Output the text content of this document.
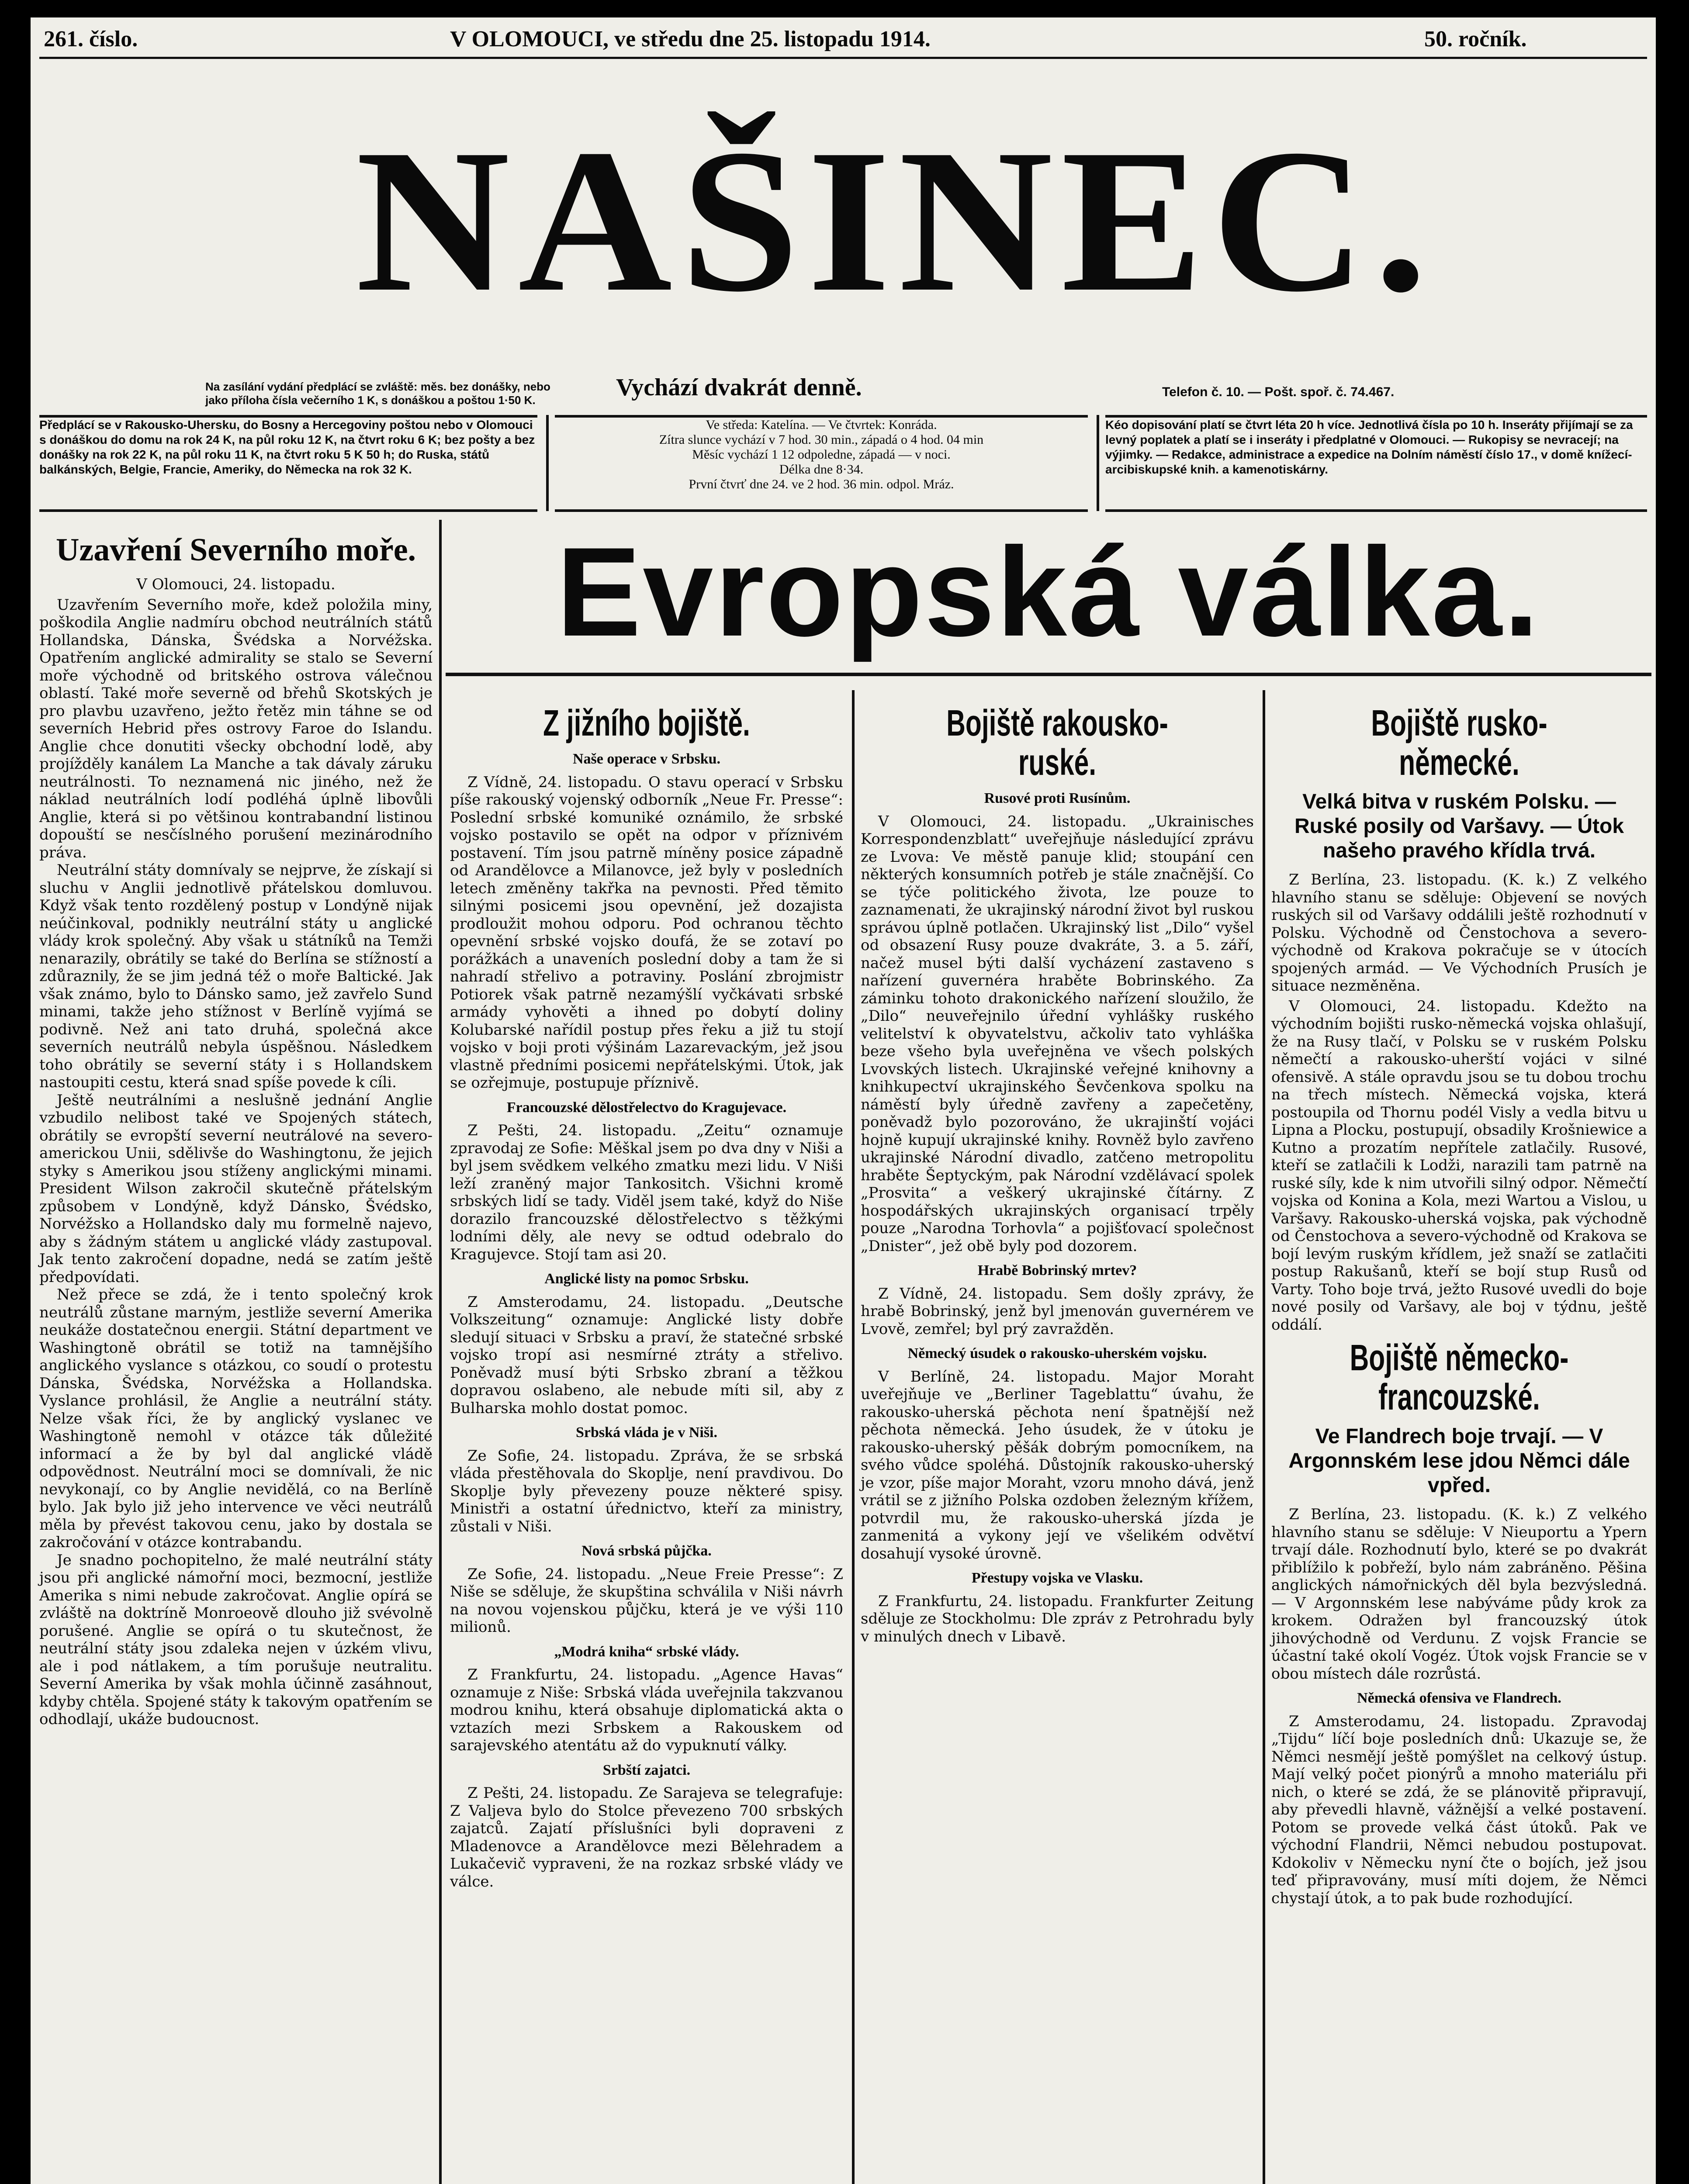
261. číslo.	V OLOMOUCI, ve středu dne 25. listopadu 1914.	50. ročník.
NAŠINEC.
Na zasílání vydání předplácí se zvláště: měs. bez donášky, nebo jako příloha čísla večerního 1 K, s donáškou a poštou 1·50 K.	Vychází dvakrát denně.	Telefon č. 10. — Pošt. spoř. č. 74.467.
Předplácí se v Rakousko-Uhersku, do Bosny a Hercegoviny poštou nebo v Olomouci s donáškou do domu na rok 24 K, na půl roku 12 K, na čtvrt roku 6 K; bez pošty a bez donášky na rok 22 K, na půl roku 11 K, na čtvrt roku 5 K 50 h; do Ruska, států balkánských, Belgie, Francie, Ameriky, do Německa na rok 32 K.
Ve středa: Katelína. — Ve čtvrtek: Konráda.
Zítra slunce vychází v 7 hod. 30 min., západá o 4 hod. 04 min
Měsíc vychází 1 12 odpoledne, západá — v noci.
Délka dne 8·34.
První čtvrť dne 24. ve 2 hod. 36 min. odpol. Mráz.
Kéo dopisování platí se čtvrt léta 20 h více. Jednotlivá čísla po 10 h. Inseráty přijímají se za levný poplatek a platí se i inseráty i předplatné v Olomouci. — Rukopisy se nevracejí; na výjimky. — Redakce, administrace a expedice na Dolním náměstí číslo 17., v domě knížecí-arcibiskupské knih. a kamenotiskárny.
Uzavření Severního moře.
V Olomouci, 24. listopadu.

Uzavřením Severního moře, kdež položila miny, poškodila Anglie nadmíru obchod neutrálních států Hollandska, Dánska, Švédska a Norvéžska. Opatřením anglické admirality se stalo se Severní moře východně od britského ostrova válečnou oblastí. Také moře severně od břehů Skotských je pro plavbu uzavřeno, ježto řetěz min táhne se od severních Hebrid přes ostrovy Faroe do Islandu. Anglie chce donutiti všecky obchodní lodě, aby projížděly kanálem La Manche a tak dávaly záruku neutrálnosti. To neznamená nic jiného, než že náklad neutrálních lodí podléhá úplně libovůli Anglie, která si po většinou kontrabandní listinou dopouští se nesčíslného porušení mezinárodního práva.

Neutrální státy domnívaly se nejprve, že získají si sluchu v Anglii jednotlivě přátelskou domluvou. Když však tento rozdělený postup v Londýně nijak neúčinkoval, podnikly neutrální státy u anglické vlády krok společný. Aby však u státníků na Temži nenarazily, obrátily se také do Berlína se stížností a zdůraznily, že se jim jedná též o moře Baltické. Jak však známo, bylo to Dánsko samo, jež zavřelo Sund minami, takže jeho stížnost v Berlíně vyjímá se podivně. Než ani tato druhá, společná akce severních neutrálů nebyla úspěšnou. Následkem toho obrátily se severní státy i s Hollandskem nastoupiti cestu, která snad spíše povede k cíli.

Ještě neutrálními a neslušně jednání Anglie vzbudilo nelibost také ve Spojených státech, obrátily se evropští severní neutrálové na severo-americkou Unii, sdělivše do Washingtonu, že jejich styky s Amerikou jsou stíženy anglickými minami. President Wilson zakročil skutečně přátelským způsobem v Londýně, když Dánsko, Švédsko, Norvéžsko a Hollandsko daly mu formelně najevo, aby s žádným státem u anglické vlády zastupoval. Jak tento zakročení dopadne, nedá se zatím ještě předpovídati.

Než přece se zdá, že i tento společný krok neutrálů zůstane marným, jestliže severní Amerika neukáže dostatečnou energii. Státní department ve Washingtoně obrátil se totiž na tamnějšího anglického vyslance s otázkou, co soudí o protestu Dánska, Švédska, Norvéžska a Hollandska. Vyslance prohlásil, že Anglie a neutrální státy. Nelze však říci, že by anglický vyslanec ve Washingtoně nemohl v otázce ták důležité informací a že by byl dal anglické vládě odpovědnost. Neutrální moci se domnívali, že nic nevykonají, co by Anglie nevidělá, co na Berlíně bylo. Jak bylo již jeho intervence ve věci neutrálů měla by převést takovou cenu, jako by dostala se zakročování v otázce kontrabandu.

Je snadno pochopitelno, že malé neutrální státy jsou při anglické námořní moci, bezmocní, jestliže Amerika s nimi nebude zakročovat. Anglie opírá se zvláště na doktríně Monroeově dlouho již svévolně porušené. Anglie se opírá o tu skutečnost, že neutrální státy jsou zdaleka nejen v úzkém vlivu, ale i pod nátlakem, a tím porušuje neutralitu. Severní Amerika by však mohla účinně zasáhnout, kdyby chtěla. Spojené státy k takovým opatřením se odhodlají, ukáže budoucnost.

Evropská válka.
Z jižního bojiště.
Naše operace v Srbsku.

Z Vídně, 24. listopadu. O stavu operací v Srbsku píše rakouský vojenský odborník „Neue Fr. Presse“: Poslední srbské komuniké oznámilo, že srbské vojsko postavilo se opět na odpor v příznivém postavení. Tím jsou patrně míněny posice západně od Arandělovce a Milanovce, jež byly v posledních letech změněny takřka na pevnosti. Před těmito silnými posicemi jsou opevnění, jež dozajista prodloužit mohou odporu. Pod ochranou těchto opevnění srbské vojsko doufá, že se zotaví po porážkách a unaveních poslední doby a tam že si nahradí střelivo a potraviny. Poslání zbrojmistr Potiorek však patrně nezamýšlí vyčkávati srbské armády vyhověti a ihned po dobytí doliny Kolubarské nařídil postup přes řeku a již tu stojí vojsko v boji proti výšinám Lazarevackým, jež jsou vlastně předními posicemi nepřátelskými. Útok, jak se ozřejmuje, postupuje příznivě.

Francouzské dělostřelectvo do Kragujevace.

Z Pešti, 24. listopadu. „Zeitu“ oznamuje zpravodaj ze Sofie: Měškal jsem po dva dny v Niši a byl jsem svědkem velkého zmatku mezi lidu. V Niši leží zraněný major Tankositch. Všichni kromě srbských lidí se tady. Viděl jsem také, když do Niše dorazilo francouzské dělostřelectvo s těžkými lodními děly, ale nevy se odtud odebralo do Kragujevce. Stojí tam asi 20.

Anglické listy na pomoc Srbsku.

Z Amsterodamu, 24. listopadu. „Deutsche Volkszeitung“ oznamuje: Anglické listy dobře sledují situaci v Srbsku a praví, že statečné srbské vojsko tropí asi nesmírné ztráty a střelivo. Poněvadž musí býti Srbsko zbraní a těžkou dopravou oslabeno, ale nebude míti sil, aby z Bulharska mohlo dostat pomoc.

Srbská vláda je v Niši.

Ze Sofie, 24. listopadu. Zpráva, že se srbská vláda přestěhovala do Skoplje, není pravdivou. Do Skoplje byly převezeny pouze některé spisy. Ministři a ostatní úřednictvo, kteří za ministry, zůstali v Niši.

Nová srbská půjčka.

Ze Sofie, 24. listopadu. „Neue Freie Presse“: Z Niše se sděluje, že skupština schválila v Niši návrh na novou vojenskou půjčku, která je ve výši 110 milionů.

„Modrá kniha“ srbské vlády.

Z Frankfurtu, 24. listopadu. „Agence Havas“ oznamuje z Niše: Srbská vláda uveřejnila takzvanou modrou knihu, která obsahuje diplomatická akta o vztazích mezi Srbskem a Rakouskem od sarajevského atentátu až do vypuknutí války.

Srbští zajatci.

Z Pešti, 24. listopadu. Ze Sarajeva se telegrafuje: Z Valjeva bylo do Stolce převezeno 700 srbských zajatců. Zajatí příslušníci byli dopraveni z Mladenovce a Arandělovce mezi Bělehradem a Lukačevič vypraveni, že na rozkaz srbské vlády ve válce.

Bojiště rakousko-ruské.
Rusové proti Rusínům.

V Olomouci, 24. listopadu. „Ukrainisches Korrespondenzblatt“ uveřejňuje následující zprávu ze Lvova: Ve městě panuje klid; stoupání cen některých konsumních potřeb je stále značnější. Co se týče politického života, lze pouze to zaznamenati, že ukrajinský národní život byl ruskou správou úplně potlačen. Ukrajinský list „Dilo“ vyšel od obsazení Rusy pouze dvakráte, 3. a 5. září, načež musel býti další vycházení zastaveno s nařízení guvernéra hraběte Bobrinského. Za záminku tohoto drakonického nařízení sloužilo, že „Dilo“ neuveřejnilo úřední vyhlášky ruského velitelství k obyvatelstvu, ačkoliv tato vyhláška beze všeho byla uveřejněna ve všech polských Lvovských listech. Ukrajinské veřejné knihovny a knihkupectví ukrajinského Ševčenkova spolku na náměstí byly úředně zavřeny a zapečetěny, poněvadž bylo pozorováno, že ukrajinští vojáci hojně kupují ukrajinské knihy. Rovněž bylo zavřeno ukrajinské Národní divadlo, zatčeno metropolitu hraběte Šeptyckým, pak Národní vzdělávací spolek „Prosvita“ a veškerý ukrajinské čítárny. Z hospodářských ukrajinských organisací trpěly pouze „Narodna Torhovla“ a pojišťovací společnost „Dnister“, jež obě byly pod dozorem.

Hrabě Bobrinský mrtev?

Z Vídně, 24. listopadu. Sem došly zprávy, že hrabě Bobrinský, jenž byl jmenován guvernérem ve Lvově, zemřel; byl prý zavražděn.

Německý úsudek o rakousko-uherském vojsku.

V Berlíně, 24. listopadu. Major Moraht uveřejňuje ve „Berliner Tageblattu“ úvahu, že rakousko-uherská pěchota není špatnější než pěchota německá. Jeho úsudek, že v útoku je rakousko-uherský pěšák dobrým pomocníkem, na svého vůdce spoléhá. Důstojník rakousko-uherský je vzor, píše major Moraht, vzoru mnoho dává, jenž vrátil se z jižního Polska ozdoben železným křížem, potvrdil mu, že rakousko-uherská jízda je zanmenitá a vykony její ve všelikém odvětví dosahují vysoké úrovně.

Přestupy vojska ve Vlasku.

Z Frankfurtu, 24. listopadu. Frankfurter Zeitung sděluje ze Stockholmu: Dle zpráv z Petrohradu byly v minulých dnech v Libavě.

Bojiště rusko-německé.
Velká bitva v ruském Polsku. — Ruské posily od Varšavy. — Útok našeho pravého křídla trvá.

Z Berlína, 23. listopadu. (K. k.) Z velkého hlavního stanu se sděluje: Objevení se nových ruských sil od Varšavy oddálili ještě rozhodnutí v Polsku. Východně od Čenstochova a severo-východně od Krakova pokračuje se v útocích spojených armád. — Ve Východních Prusích je situace nezměněna.

V Olomouci, 24. listopadu. Kdežto na východním bojišti rusko-německá vojska ohlašují, že na Rusy tlačí, v Polsku se v ruském Polsku němečtí a rakousko-uherští vojáci v silné ofensivě. A stále opravdu jsou se tu dobou trochu na třech místech. Německá vojska, která postoupila od Thornu podél Visly a vedla bitvu u Lipna a Plocku, postupují, obsadily Krošniewice a Kutno a prozatím nepřítele zatlačily. Rusové, kteří se zatlačili k Lodži, narazili tam patrně na ruské síly, kde k nim utvořili silný odpor. Němečtí vojska od Konina a Kola, mezi Wartou a Vislou, u Varšavy. Rakousko-uherská vojska, pak východně od Čenstochova a severo-východně od Krakova se bojí levým ruským křídlem, jež snaží se zatlačiti postup Rakušanů, kteří se bojí stup Rusů od Varty. Toho boje trvá, ježto Rusové uvedli do boje nové posily od Varšavy, ale boj v týdnu, ještě oddálí.

Bojiště německo-francouzské.
Ve Flandrech boje trvají. — V Argonnském lese jdou Němci dále vpřed.

Z Berlína, 23. listopadu. (K. k.) Z velkého hlavního stanu se sděluje: V Nieuportu a Ypern trvají dále. Rozhodnutí bylo, které se po dvakrát přiblížilo k pobřeží, bylo nám zabráněno. Pěšina anglických námořnických děl byla bezvýsledná. — V Argonnském lese nabýváme půdy krok za krokem. Odražen byl francouzský útok jihovýchodně od Verdunu. Z vojsk Francie se účastní také okolí Vogéz. Útok vojsk Francie se v obou místech dále rozrůstá.

Německá ofensiva ve Flandrech.

Z Amsterodamu, 24. listopadu. Zpravodaj „Tijdu“ líčí boje posledních dnů: Ukazuje se, že Němci nesmějí ještě pomýšlet na celkový ústup. Mají velký počet pionýrů a mnoho materiálu při nich, o které se zdá, že se plánovitě připravují, aby převedli hlavně, vážnější a velké postavení. Potom se provede velká část útoků. Pak ve východní Flandrii, Němci nebudou postupovat. Kdokoliv v Německu nyní čte o bojích, jež jsou teď připravovány, musí míti dojem, že Němci chystají útok, a to pak bude rozhodující.
